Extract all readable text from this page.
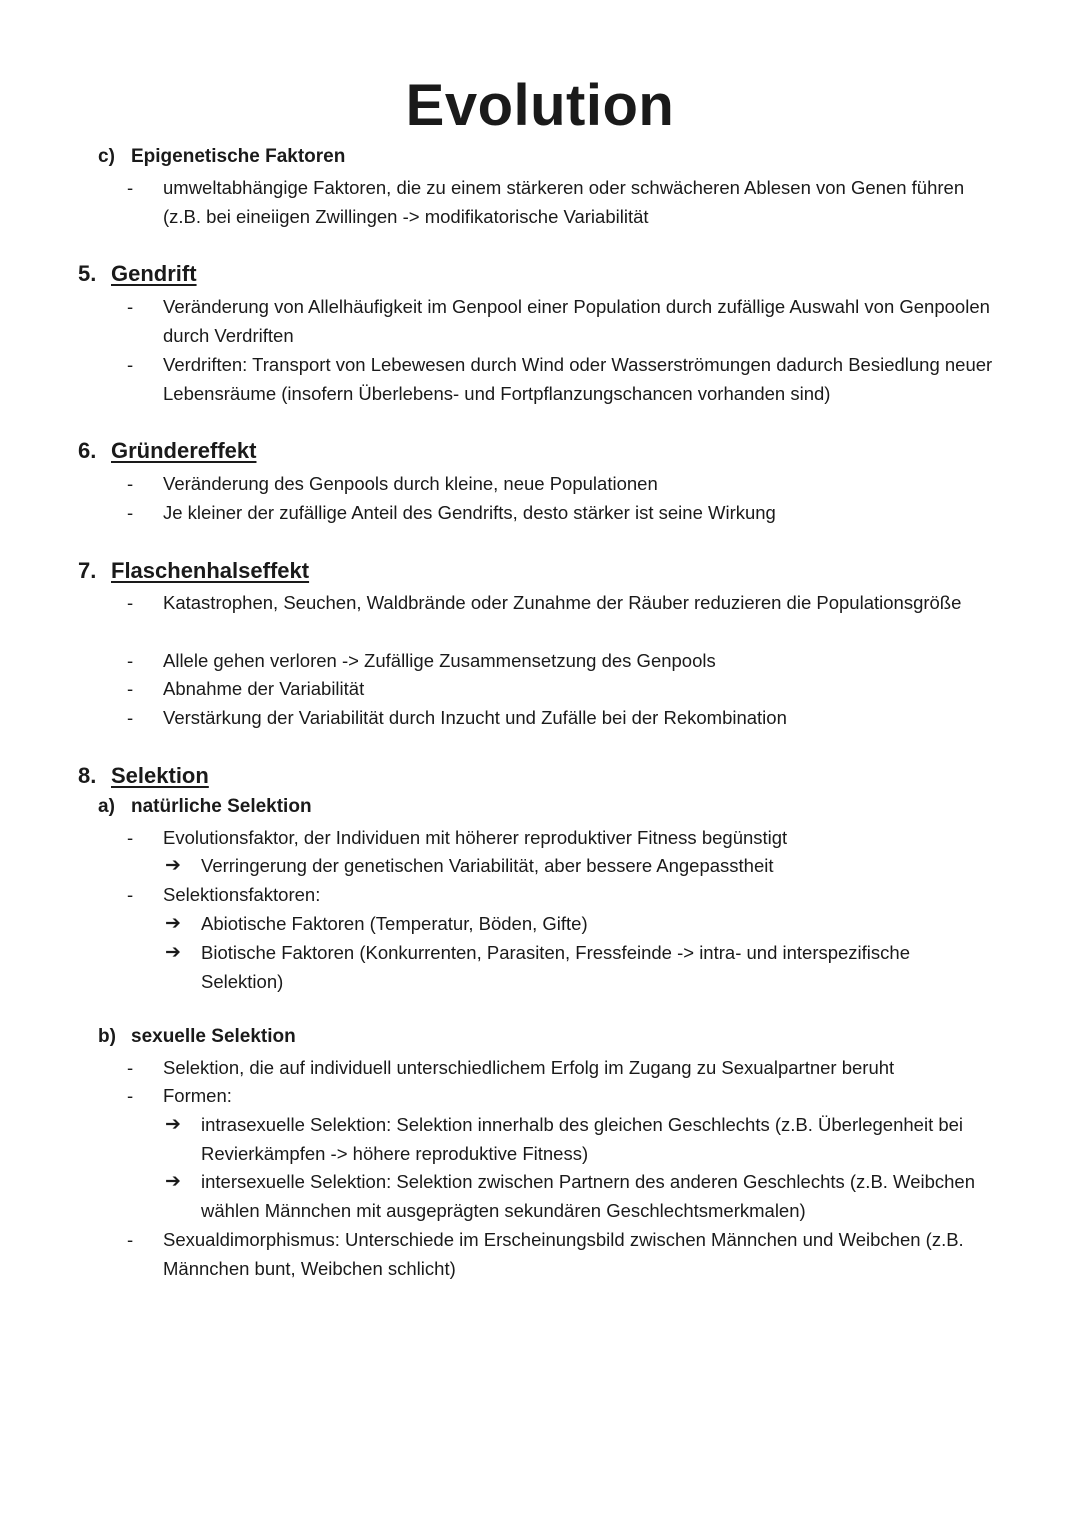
Evolution
c) Epigenetische Faktoren
- umweltabhängige Faktoren, die zu einem stärkeren oder schwächeren Ablesen von Genen führen (z.B. bei eineiigen Zwillingen -> modifikatorische Variabilität
5. Gendrift
- Veränderung von Allelhäufigkeit im Genpool einer Population durch zufällige Auswahl von Genpoolen durch Verdriften
- Verdriften: Transport von Lebewesen durch Wind oder Wasserströmungen dadurch Besiedlung neuer Lebensräume (insofern Überlebens- und Fortpflanzungschancen vorhanden sind)
6. Gründereffekt
- Veränderung des Genpools durch kleine, neue Populationen
- Je kleiner der zufällige Anteil des Gendrifts, desto stärker ist seine Wirkung
7. Flaschenhalseffekt
- Katastrophen, Seuchen, Waldbrände oder Zunahme der Räuber reduzieren die Populationsgröße
- Allele gehen verloren -> Zufällige Zusammensetzung des Genpools
- Abnahme der Variabilität
- Verstärkung der Variabilität durch Inzucht und Zufälle bei der Rekombination
8. Selektion
a) natürliche Selektion
- Evolutionsfaktor, der Individuen mit höherer reproduktiver Fitness begünstigt
➔ Verringerung der genetischen Variabilität, aber bessere Angepasstheit
- Selektionsfaktoren:
➔ Abiotische Faktoren (Temperatur, Böden, Gifte)
➔ Biotische Faktoren (Konkurrenten, Parasiten, Fressfeinde -> intra- und interspezifische Selektion)
b) sexuelle Selektion
- Selektion, die auf individuell unterschiedlichem Erfolg im Zugang zu Sexualpartner beruht
- Formen:
➔ intrasexuelle Selektion: Selektion innerhalb des gleichen Geschlechts (z.B. Überlegenheit bei Revierkämpfen -> höhere reproduktive Fitness)
➔ intersexuelle Selektion: Selektion zwischen Partnern des anderen Geschlechts (z.B. Weibchen wählen Männchen mit ausgeprägten sekundären Geschlechtsmerkmalen)
- Sexualdimorphismus: Unterschiede im Erscheinungsbild zwischen Männchen und Weibchen (z.B. Männchen bunt, Weibchen schlicht)
